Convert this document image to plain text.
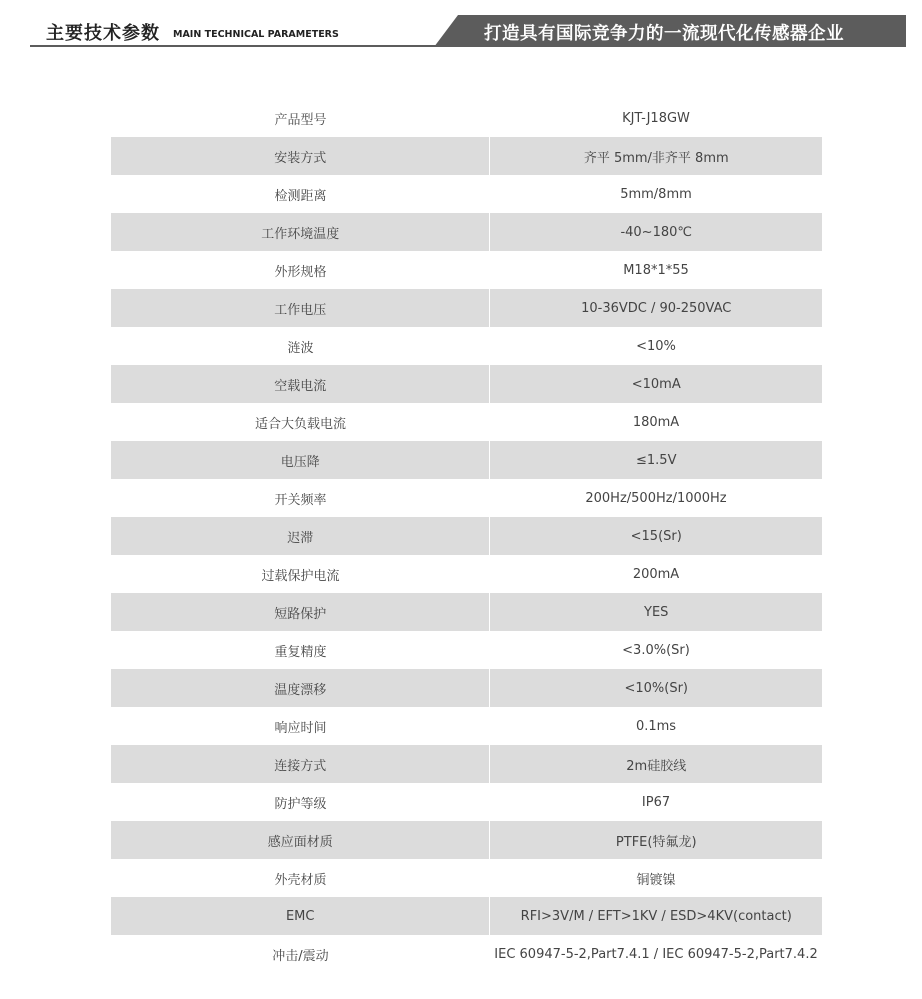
主要技术参数 MAIN TECHNICAL PARAMETERS	打造具有国际竞争力的一流现代化传感器企业
产品型号	KJT-J18GW
安装方式	齐平 5mm/非齐平 8mm
检测距离	5mm/8mm
工作环境温度	-40~180℃
外形规格	M18*1*55
工作电压	10-36VDC / 90-250VAC
涟波	<10%
空载电流	<10mA
适合大负载电流	180mA
电压降	≤1.5V
开关频率	200Hz/500Hz/1000Hz
迟滞	<15(Sr)
过载保护电流	200mA
短路保护	YES
重复精度	<3.0%(Sr)
温度漂移	<10%(Sr)
响应时间	0.1ms
连接方式	2m硅胶线
防护等级	IP67
感应面材质	PTFE(特氟龙)
外壳材质	铜镀镍
EMC	RFI>3V/M / EFT>1KV / ESD>4KV(contact)
冲击/震动	IEC 60947-5-2,Part7.4.1 / IEC 60947-5-2,Part7.4.2
